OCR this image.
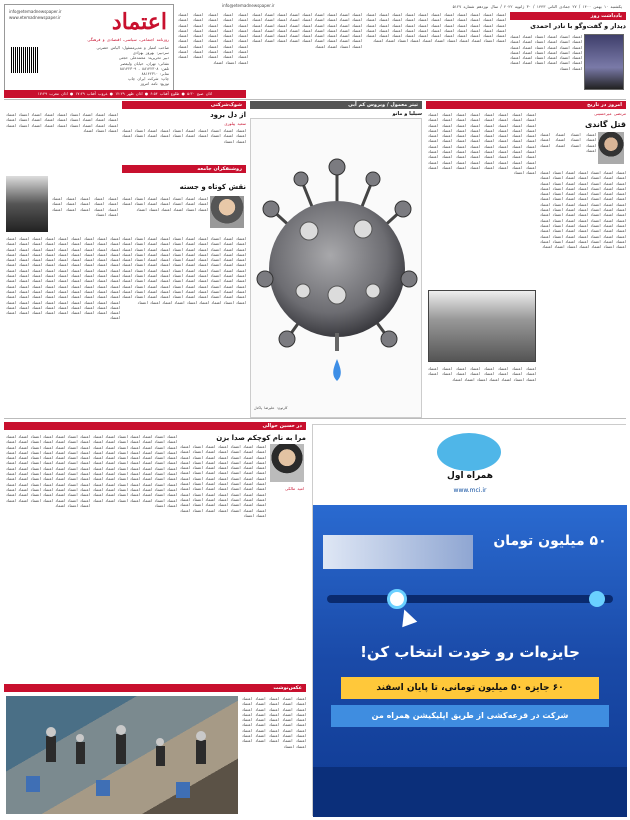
اعتماد
روزنامه اجتماعی، سیاسی، اقتصادی و فرهنگی
info@etemadnewspaper.ir
www.etemadnewspaper.ir
صاحب امتیاز و مدیرمسئول: الیاس حضرتی
سردبیر: بهروز بهزادی
دبیر تحریریه: محمدعلی حجتی
نشانی: تهران، خیابان ولیعصر
تلفن: ۸۸۱۴۲۳۰۸ - ۸۸۱۴۲۳۰۹
نمابر: ۸۸۱۴۲۳۱۰
چاپ: شرکت ایران چاپ
توزیع: نامه امروز
اذان صبح ۵:۳۰ ● طلوع آفتاب ۶:۵۴ ● اذان ظهر ۱۲:۲۹ ● غروب آفتاب ۱۷:۲۹ ● اذان مغرب ۱۷:۴۹
یکشنبه ۱۰ بهمن ۱۴۰۰ / ۲۷ جمادی الثانی ۱۴۴۳ / ۳۰ ژانویه ۲۰۲۲ / سال نوزدهم شماره ۵۱۲۷
info@etemadnewspaper.ir
اعتماد اعتماد اعتماد اعتماد اعتماد اعتماد اعتماد اعتماد اعتماد اعتماد اعتماد اعتماد اعتماد اعتماد اعتماد اعتماد اعتماد اعتماد اعتماد اعتماد اعتماد اعتماد اعتماد اعتماد اعتماد اعتماد اعتماد اعتماد اعتماد اعتماد اعتماد اعتماد اعتماد اعتماد اعتماد اعتماد اعتماد اعتماد اعتماد اعتماد اعتماد اعتماد اعتماد اعتماد اعتماد اعتماد اعتماد اعتماد
اعتماد اعتماد اعتماد اعتماد اعتماد اعتماد اعتماد اعتماد اعتماد اعتماد اعتماد اعتماد اعتماد اعتماد اعتماد اعتماد اعتماد اعتماد اعتماد اعتماد اعتماد اعتماد اعتماد اعتماد اعتماد اعتماد اعتماد اعتماد اعتماد اعتماد اعتماد اعتماد اعتماد اعتماد اعتماد اعتماد اعتماد اعتماد اعتماد اعتماد اعتماد اعتماد اعتماد اعتماد اعتماد اعتماد اعتماد اعتماد اعتماد اعتماد اعتماد اعتماد اعتماد اعتماد اعتماد اعتماد اعتماد اعتماد
اعتماد اعتماد اعتماد اعتماد اعتماد اعتماد اعتماد اعتماد اعتماد اعتماد اعتماد اعتماد اعتماد اعتماد اعتماد اعتماد اعتماد اعتماد اعتماد اعتماد اعتماد اعتماد اعتماد اعتماد اعتماد اعتماد اعتماد اعتماد اعتماد اعتماد اعتماد اعتماد اعتماد اعتماد اعتماد اعتماد اعتماد اعتماد اعتماد اعتماد اعتماد اعتماد اعتماد اعتماد اعتماد اعتماد اعتماد اعتماد اعتماد اعتماد اعتماد اعتماد اعتماد اعتماد اعتماد اعتماد اعتماد اعتماد اعتماد اعتماد اعتماد اعتماد اعتماد اعتماد اعتماد اعتماد
یادداشت روز
دیدار و گفت‌وگو با نادر احمدی
اعتماد اعتماد اعتماد اعتماد اعتماد اعتماد اعتماد اعتماد اعتماد اعتماد اعتماد اعتماد اعتماد اعتماد اعتماد اعتماد اعتماد اعتماد اعتماد اعتماد اعتماد اعتماد اعتماد اعتماد اعتماد اعتماد اعتماد اعتماد اعتماد اعتماد اعتماد اعتماد اعتماد اعتماد اعتماد اعتماد اعتماد اعتماد
شوک‌شرکتی
از دل برود
سعید پیلوری
اعتماد اعتماد اعتماد اعتماد اعتماد اعتماد اعتماد اعتماد اعتماد اعتماد اعتماد اعتماد اعتماد اعتماد اعتماد اعتماد اعتماد اعتماد اعتماد اعتماد اعتماد اعتماد اعتماد اعتماد اعتماد اعتماد اعتماد اعتماد اعتماد اعتماد اعتماد اعتماد اعتماد اعتماد اعتماد اعتماد اعتماد اعتماد اعتماد اعتماد اعتماد اعتماد اعتماد اعتماد اعتماد اعتماد اعتماد اعتماد اعتماد اعتماد اعتماد اعتماد
روشنفکران جامعه
نقش کوتاه و جسته
اعتماد اعتماد اعتماد اعتماد اعتماد اعتماد اعتماد اعتماد اعتماد اعتماد اعتماد اعتماد اعتماد اعتماد اعتماد اعتماد اعتماد
اعتماد اعتماد اعتماد اعتماد اعتماد اعتماد اعتماد اعتماد اعتماد اعتماد اعتماد اعتماد اعتماد اعتماد اعتماد اعتماد اعتماد اعتماد اعتماد اعتماد
اعتماد اعتماد اعتماد اعتماد اعتماد اعتماد اعتماد اعتماد اعتماد اعتماد اعتماد اعتماد اعتماد اعتماد اعتماد اعتماد اعتماد اعتماد اعتماد اعتماد اعتماد اعتماد اعتماد اعتماد اعتماد اعتماد اعتماد اعتماد اعتماد اعتماد اعتماد اعتماد اعتماد اعتماد اعتماد اعتماد اعتماد اعتماد اعتماد اعتماد اعتماد اعتماد اعتماد اعتماد اعتماد اعتماد اعتماد اعتماد اعتماد اعتماد اعتماد اعتماد اعتماد اعتماد اعتماد اعتماد اعتماد اعتماد اعتماد اعتماد اعتماد اعتماد اعتماد اعتماد اعتماد اعتماد اعتماد اعتماد اعتماد اعتماد اعتماد اعتماد اعتماد اعتماد اعتماد اعتماد اعتماد اعتماد اعتماد اعتماد اعتماد اعتماد اعتماد اعتماد اعتماد اعتماد اعتماد اعتماد اعتماد اعتماد اعتماد اعتماد اعتماد اعتماد اعتماد اعتماد اعتماد اعتماد اعتماد اعتماد اعتماد اعتماد اعتماد اعتماد اعتماد اعتماد اعتماد اعتماد اعتماد اعتماد اعتماد اعتماد اعتماد اعتماد اعتماد اعتماد اعتماد اعتماد اعتماد اعتماد اعتماد اعتماد اعتماد اعتماد اعتماد اعتماد اعتماد اعتماد اعتماد اعتماد اعتماد اعتماد اعتماد اعتماد اعتماد اعتماد
اعتماد اعتماد اعتماد اعتماد اعتماد اعتماد اعتماد اعتماد اعتماد اعتماد اعتماد اعتماد اعتماد اعتماد اعتماد اعتماد اعتماد اعتماد اعتماد اعتماد اعتماد اعتماد اعتماد اعتماد اعتماد اعتماد اعتماد اعتماد اعتماد اعتماد اعتماد اعتماد اعتماد اعتماد اعتماد اعتماد اعتماد اعتماد اعتماد اعتماد اعتماد اعتماد اعتماد اعتماد اعتماد اعتماد اعتماد اعتماد اعتماد اعتماد اعتماد اعتماد اعتماد اعتماد اعتماد اعتماد اعتماد اعتماد اعتماد اعتماد اعتماد اعتماد اعتماد اعتماد اعتماد اعتماد اعتماد اعتماد اعتماد اعتماد اعتماد اعتماد اعتماد اعتماد اعتماد اعتماد اعتماد اعتماد اعتماد اعتماد اعتماد اعتماد اعتماد اعتماد اعتماد اعتماد اعتماد اعتماد اعتماد اعتماد اعتماد اعتماد اعتماد اعتماد اعتماد اعتماد اعتماد اعتماد اعتماد اعتماد اعتماد اعتماد اعتماد اعتماد اعتماد اعتماد اعتماد اعتماد اعتماد اعتماد اعتماد اعتماد اعتماد اعتماد اعتماد اعتماد اعتماد اعتماد اعتماد اعتماد اعتماد اعتماد اعتماد اعتماد اعتماد اعتماد اعتماد اعتماد اعتماد
تیتر معمول / ویروس کم آبی
سیلیا و مانو
کارتون: علیرضا پاکدل
امروز در تاریخ
مرتضی میرحسینی
قتل گاندی
اعتماد اعتماد اعتماد اعتماد اعتماد اعتماد اعتماد اعتماد اعتماد اعتماد اعتماد اعتماد اعتماد
اعتماد اعتماد اعتماد اعتماد اعتماد اعتماد اعتماد اعتماد اعتماد اعتماد اعتماد اعتماد اعتماد اعتماد اعتماد اعتماد اعتماد اعتماد اعتماد اعتماد اعتماد اعتماد اعتماد اعتماد اعتماد اعتماد اعتماد اعتماد اعتماد اعتماد اعتماد اعتماد اعتماد اعتماد اعتماد اعتماد اعتماد اعتماد اعتماد اعتماد اعتماد اعتماد اعتماد اعتماد اعتماد اعتماد اعتماد اعتماد اعتماد اعتماد اعتماد اعتماد اعتماد اعتماد اعتماد اعتماد اعتماد اعتماد اعتماد اعتماد اعتماد اعتماد اعتماد اعتماد اعتماد اعتماد اعتماد اعتماد اعتماد اعتماد اعتماد اعتماد اعتماد اعتماد اعتماد اعتماد اعتماد اعتماد اعتماد اعتماد اعتماد اعتماد اعتماد اعتماد اعتماد اعتماد اعتماد اعتماد اعتماد اعتماد اعتماد اعتماد اعتماد اعتماد اعتماد اعتماد اعتماد اعتماد اعتماد اعتماد اعتماد اعتماد اعتماد اعتماد اعتماد
اعتماد اعتماد اعتماد اعتماد اعتماد اعتماد اعتماد اعتماد اعتماد اعتماد اعتماد اعتماد اعتماد اعتماد اعتماد اعتماد اعتماد اعتماد اعتماد اعتماد اعتماد اعتماد اعتماد اعتماد اعتماد اعتماد اعتماد اعتماد اعتماد اعتماد اعتماد اعتماد اعتماد اعتماد اعتماد اعتماد اعتماد اعتماد اعتماد اعتماد اعتماد اعتماد اعتماد اعتماد اعتماد اعتماد اعتماد اعتماد اعتماد اعتماد اعتماد اعتماد اعتماد اعتماد اعتماد اعتماد اعتماد اعتماد اعتماد اعتماد اعتماد اعتماد اعتماد اعتماد اعتماد اعتماد اعتماد اعتماد اعتماد اعتماد اعتماد اعتماد اعتماد اعتماد اعتماد اعتماد اعتماد اعتماد اعتماد اعتماد اعتماد اعتماد اعتماد اعتماد اعتماد اعتماد اعتماد اعتماد اعتماد اعتماد
اعتماد اعتماد اعتماد اعتماد اعتماد اعتماد اعتماد اعتماد اعتماد اعتماد اعتماد اعتماد اعتماد اعتماد اعتماد اعتماد اعتماد اعتماد اعتماد اعتماد اعتماد اعتماد اعتماد
در حسین حوالی
مرا به نام کوچکم صدا بزن
امید مالکی
اعتماد اعتماد اعتماد اعتماد اعتماد اعتماد اعتماد اعتماد اعتماد اعتماد اعتماد اعتماد اعتماد اعتماد اعتماد اعتماد اعتماد اعتماد اعتماد اعتماد اعتماد اعتماد اعتماد اعتماد اعتماد اعتماد اعتماد اعتماد اعتماد اعتماد اعتماد اعتماد اعتماد اعتماد اعتماد اعتماد اعتماد اعتماد اعتماد اعتماد اعتماد اعتماد اعتماد اعتماد اعتماد اعتماد اعتماد اعتماد اعتماد اعتماد اعتماد اعتماد اعتماد اعتماد اعتماد اعتماد اعتماد اعتماد اعتماد اعتماد اعتماد اعتماد اعتماد اعتماد اعتماد اعتماد اعتماد اعتماد اعتماد اعتماد اعتماد اعتماد اعتماد اعتماد اعتماد اعتماد اعتماد اعتماد اعتماد اعتماد اعتماد اعتماد اعتماد اعتماد اعتماد اعتماد اعتماد اعتماد اعتماد اعتماد اعتماد اعتماد اعتماد
اعتماد اعتماد اعتماد اعتماد اعتماد اعتماد اعتماد اعتماد اعتماد اعتماد اعتماد اعتماد اعتماد اعتماد اعتماد اعتماد اعتماد اعتماد اعتماد اعتماد اعتماد اعتماد اعتماد اعتماد اعتماد اعتماد اعتماد اعتماد اعتماد اعتماد اعتماد اعتماد اعتماد اعتماد اعتماد اعتماد اعتماد اعتماد اعتماد اعتماد اعتماد اعتماد اعتماد اعتماد اعتماد اعتماد اعتماد اعتماد اعتماد اعتماد اعتماد اعتماد اعتماد اعتماد اعتماد اعتماد اعتماد اعتماد اعتماد اعتماد اعتماد اعتماد اعتماد اعتماد اعتماد اعتماد اعتماد اعتماد اعتماد اعتماد اعتماد اعتماد اعتماد اعتماد اعتماد اعتماد اعتماد اعتماد اعتماد اعتماد اعتماد اعتماد اعتماد اعتماد اعتماد اعتماد اعتماد اعتماد اعتماد اعتماد اعتماد اعتماد اعتماد اعتماد
اعتماد اعتماد اعتماد اعتماد اعتماد اعتماد اعتماد اعتماد اعتماد اعتماد اعتماد اعتماد اعتماد اعتماد اعتماد اعتماد اعتماد اعتماد اعتماد اعتماد اعتماد اعتماد اعتماد اعتماد اعتماد اعتماد اعتماد اعتماد اعتماد اعتماد اعتماد اعتماد اعتماد اعتماد اعتماد اعتماد اعتماد اعتماد اعتماد اعتماد اعتماد اعتماد اعتماد اعتماد اعتماد اعتماد اعتماد اعتماد اعتماد اعتماد اعتماد اعتماد اعتماد اعتماد اعتماد اعتماد اعتماد اعتماد اعتماد اعتماد اعتماد اعتماد اعتماد اعتماد اعتماد اعتماد اعتماد اعتماد اعتماد اعتماد اعتماد اعتماد اعتماد اعتماد اعتماد اعتماد اعتماد اعتماد اعتماد اعتماد اعتماد اعتماد اعتماد اعتماد اعتماد اعتماد اعتماد اعتماد اعتماد اعتماد اعتماد اعتماد اعتماد
عکس‌نوشت
اعتماد اعتماد اعتماد اعتماد اعتماد اعتماد اعتماد اعتماد اعتماد اعتماد اعتماد اعتماد اعتماد اعتماد اعتماد اعتماد اعتماد اعتماد اعتماد اعتماد اعتماد اعتماد اعتماد اعتماد اعتماد اعتماد اعتماد اعتماد اعتماد اعتماد اعتماد اعتماد اعتماد اعتماد اعتماد اعتماد اعتماد اعتماد اعتماد اعتماد اعتماد اعتماد اعتماد اعتماد اعتماد اعتماد اعتماد
همراه اول
www.mci.ir
۵۰ میلیون تومان
جایزه‌ات رو خودت انتخاب کن!
۶۰ جایزه ۵۰ میلیون تومانی، تا پایان اسفند
شرکت در قرعه‌کشی از طریق اپلیکیشن همراه من
